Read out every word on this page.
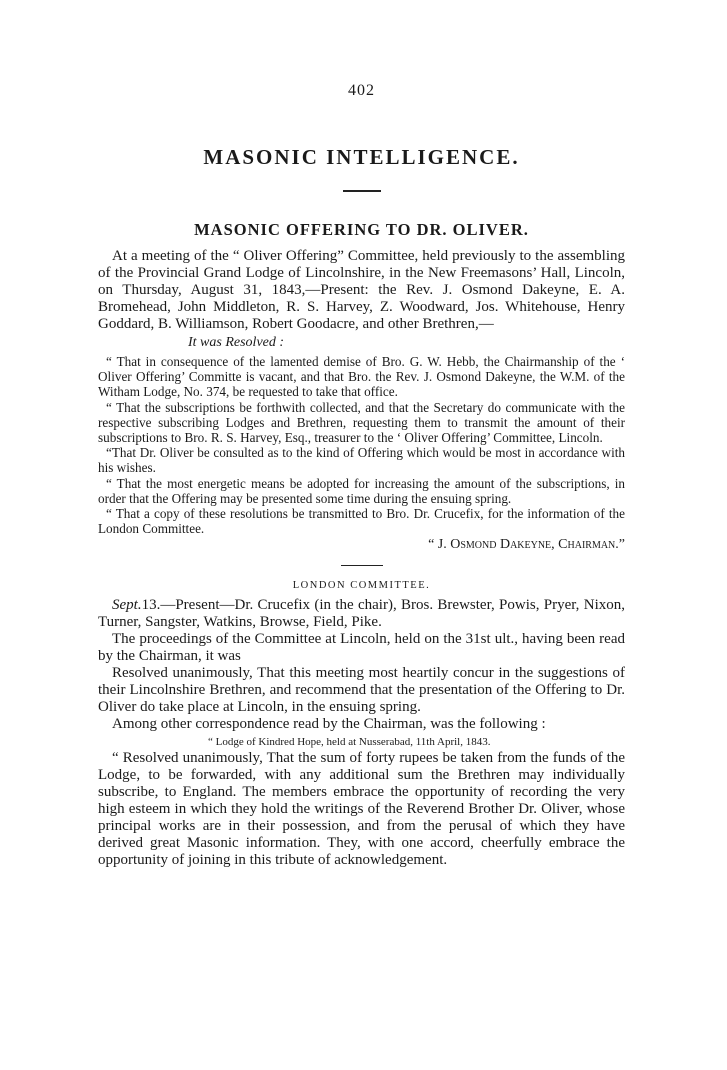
402
MASONIC INTELLIGENCE.
MASONIC OFFERING TO DR. OLIVER.

At a meeting of the “ Oliver Offering” Committee, held previously to the assembling of the Provincial Grand Lodge of Lincolnshire, in the New Freemasons’ Hall, Lincoln, on Thursday, August 31, 1843,—Present: the Rev. J. Osmond Dakeyne, E. A. Bromehead, John Middleton, R. S. Harvey, Z. Woodward, Jos. Whitehouse, Henry Goddard, B. Williamson, Robert Goodacre, and other Brethren,—

It was Resolved :

“ That in consequence of the lamented demise of Bro. G. W. Hebb, the Chairmanship of the ‘ Oliver Offering’ Committe is vacant, and that Bro. the Rev. J. Osmond Dakeyne, the W.M. of the Witham Lodge, No. 374, be requested to take that office.

“ That the subscriptions be forthwith collected, and that the Secretary do communicate with the respective subscribing Lodges and Brethren, requesting them to transmit the amount of their subscriptions to Bro. R. S. Harvey, Esq., treasurer to the ‘ Oliver Offering’ Committee, Lincoln.

“That Dr. Oliver be consulted as to the kind of Offering which would be most in accordance with his wishes.

“ That the most energetic means be adopted for increasing the amount of the subscriptions, in order that the Offering may be presented some time during the ensuing spring.

“ That a copy of these resolutions be transmitted to Bro. Dr. Crucefix, for the information of the London Committee.

“ J. Osmond Dakeyne, Chairman.”
LONDON COMMITTEE.

Sept.13.—Present—Dr. Crucefix (in the chair), Bros. Brewster, Powis, Pryer, Nixon, Turner, Sangster, Watkins, Browse, Field, Pike.

The proceedings of the Committee at Lincoln, held on the 31st ult., having been read by the Chairman, it was

Resolved unanimously, That this meeting most heartily concur in the suggestions of their Lincolnshire Brethren, and recommend that the presentation of the Offering to Dr. Oliver do take place at Lincoln, in the ensuing spring.

Among other correspondence read by the Chairman, was the following :

“ Lodge of Kindred Hope, held at Nusserabad, 11th April, 1843.

“ Resolved unanimously, That the sum of forty rupees be taken from the funds of the Lodge, to be forwarded, with any additional sum the Brethren may individually subscribe, to England. The members embrace the opportunity of recording the very high esteem in which they hold the writings of the Reverend Brother Dr. Oliver, whose principal works are in their possession, and from the perusal of which they have derived great Masonic information. They, with one accord, cheerfully embrace the opportunity of joining in this tribute of acknowledgement.
